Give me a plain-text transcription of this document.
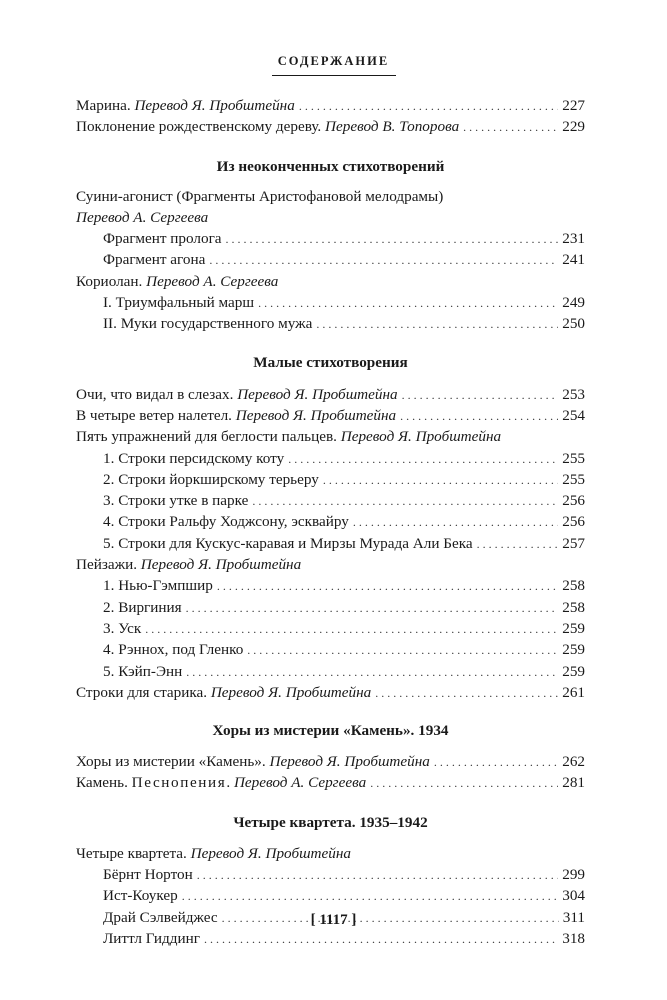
СОДЕРЖАНИЕ
Марина. Перевод Я. Пробштейна . . .	227
Поклонение рождественскому дереву. Перевод В. Топорова . . .	229
Из неоконченных стихотворений
Суини-агонист (Фрагменты Аристофановой мелодрамы)
Перевод А. Сергеева
Фрагмент пролога . . .	231
Фрагмент агона . . .	241
Кориолан. Перевод А. Сергеева
I. Триумфальный марш . . .	249
II. Муки государственного мужа . . .	250
Малые стихотворения
Очи, что видал в слезах. Перевод Я. Пробштейна . . .	253
В четыре ветер налетел. Перевод Я. Пробштейна . . .	254
Пять упражнений для беглости пальцев. Перевод Я. Пробштейна
1. Строки персидскому коту . . .	255
2. Строки йоркширскому терьеру . . .	255
3. Строки утке в парке . . .	256
4. Строки Ральфу Ходжсону, эсквайру . . .	256
5. Строки для Кускус-каравая и Мирзы Мурада Али Бека . . .	257
Пейзажи. Перевод Я. Пробштейна
1. Нью-Гэмпшир . . .	258
2. Виргиния . . .	258
3. Уск . . .	259
4. Рэннох, под Гленко . . .	259
5. Кэйп-Энн . . .	259
Строки для старика. Перевод Я. Пробштейна . . .	261
Хоры из мистерии «Камень». 1934
Хоры из мистерии «Камень». Перевод Я. Пробштейна . . .	262
Камень. Песнопения. Перевод А. Сергеева . . .	281
Четыре квартета. 1935–1942
Четыре квартета. Перевод Я. Пробштейна
Бёрнт Нортон . . .	299
Ист-Коукер . . .	304
Драй Сэлвейджес . . .	311
Литтл Гиддинг . . .	318
[ 1117 ]
